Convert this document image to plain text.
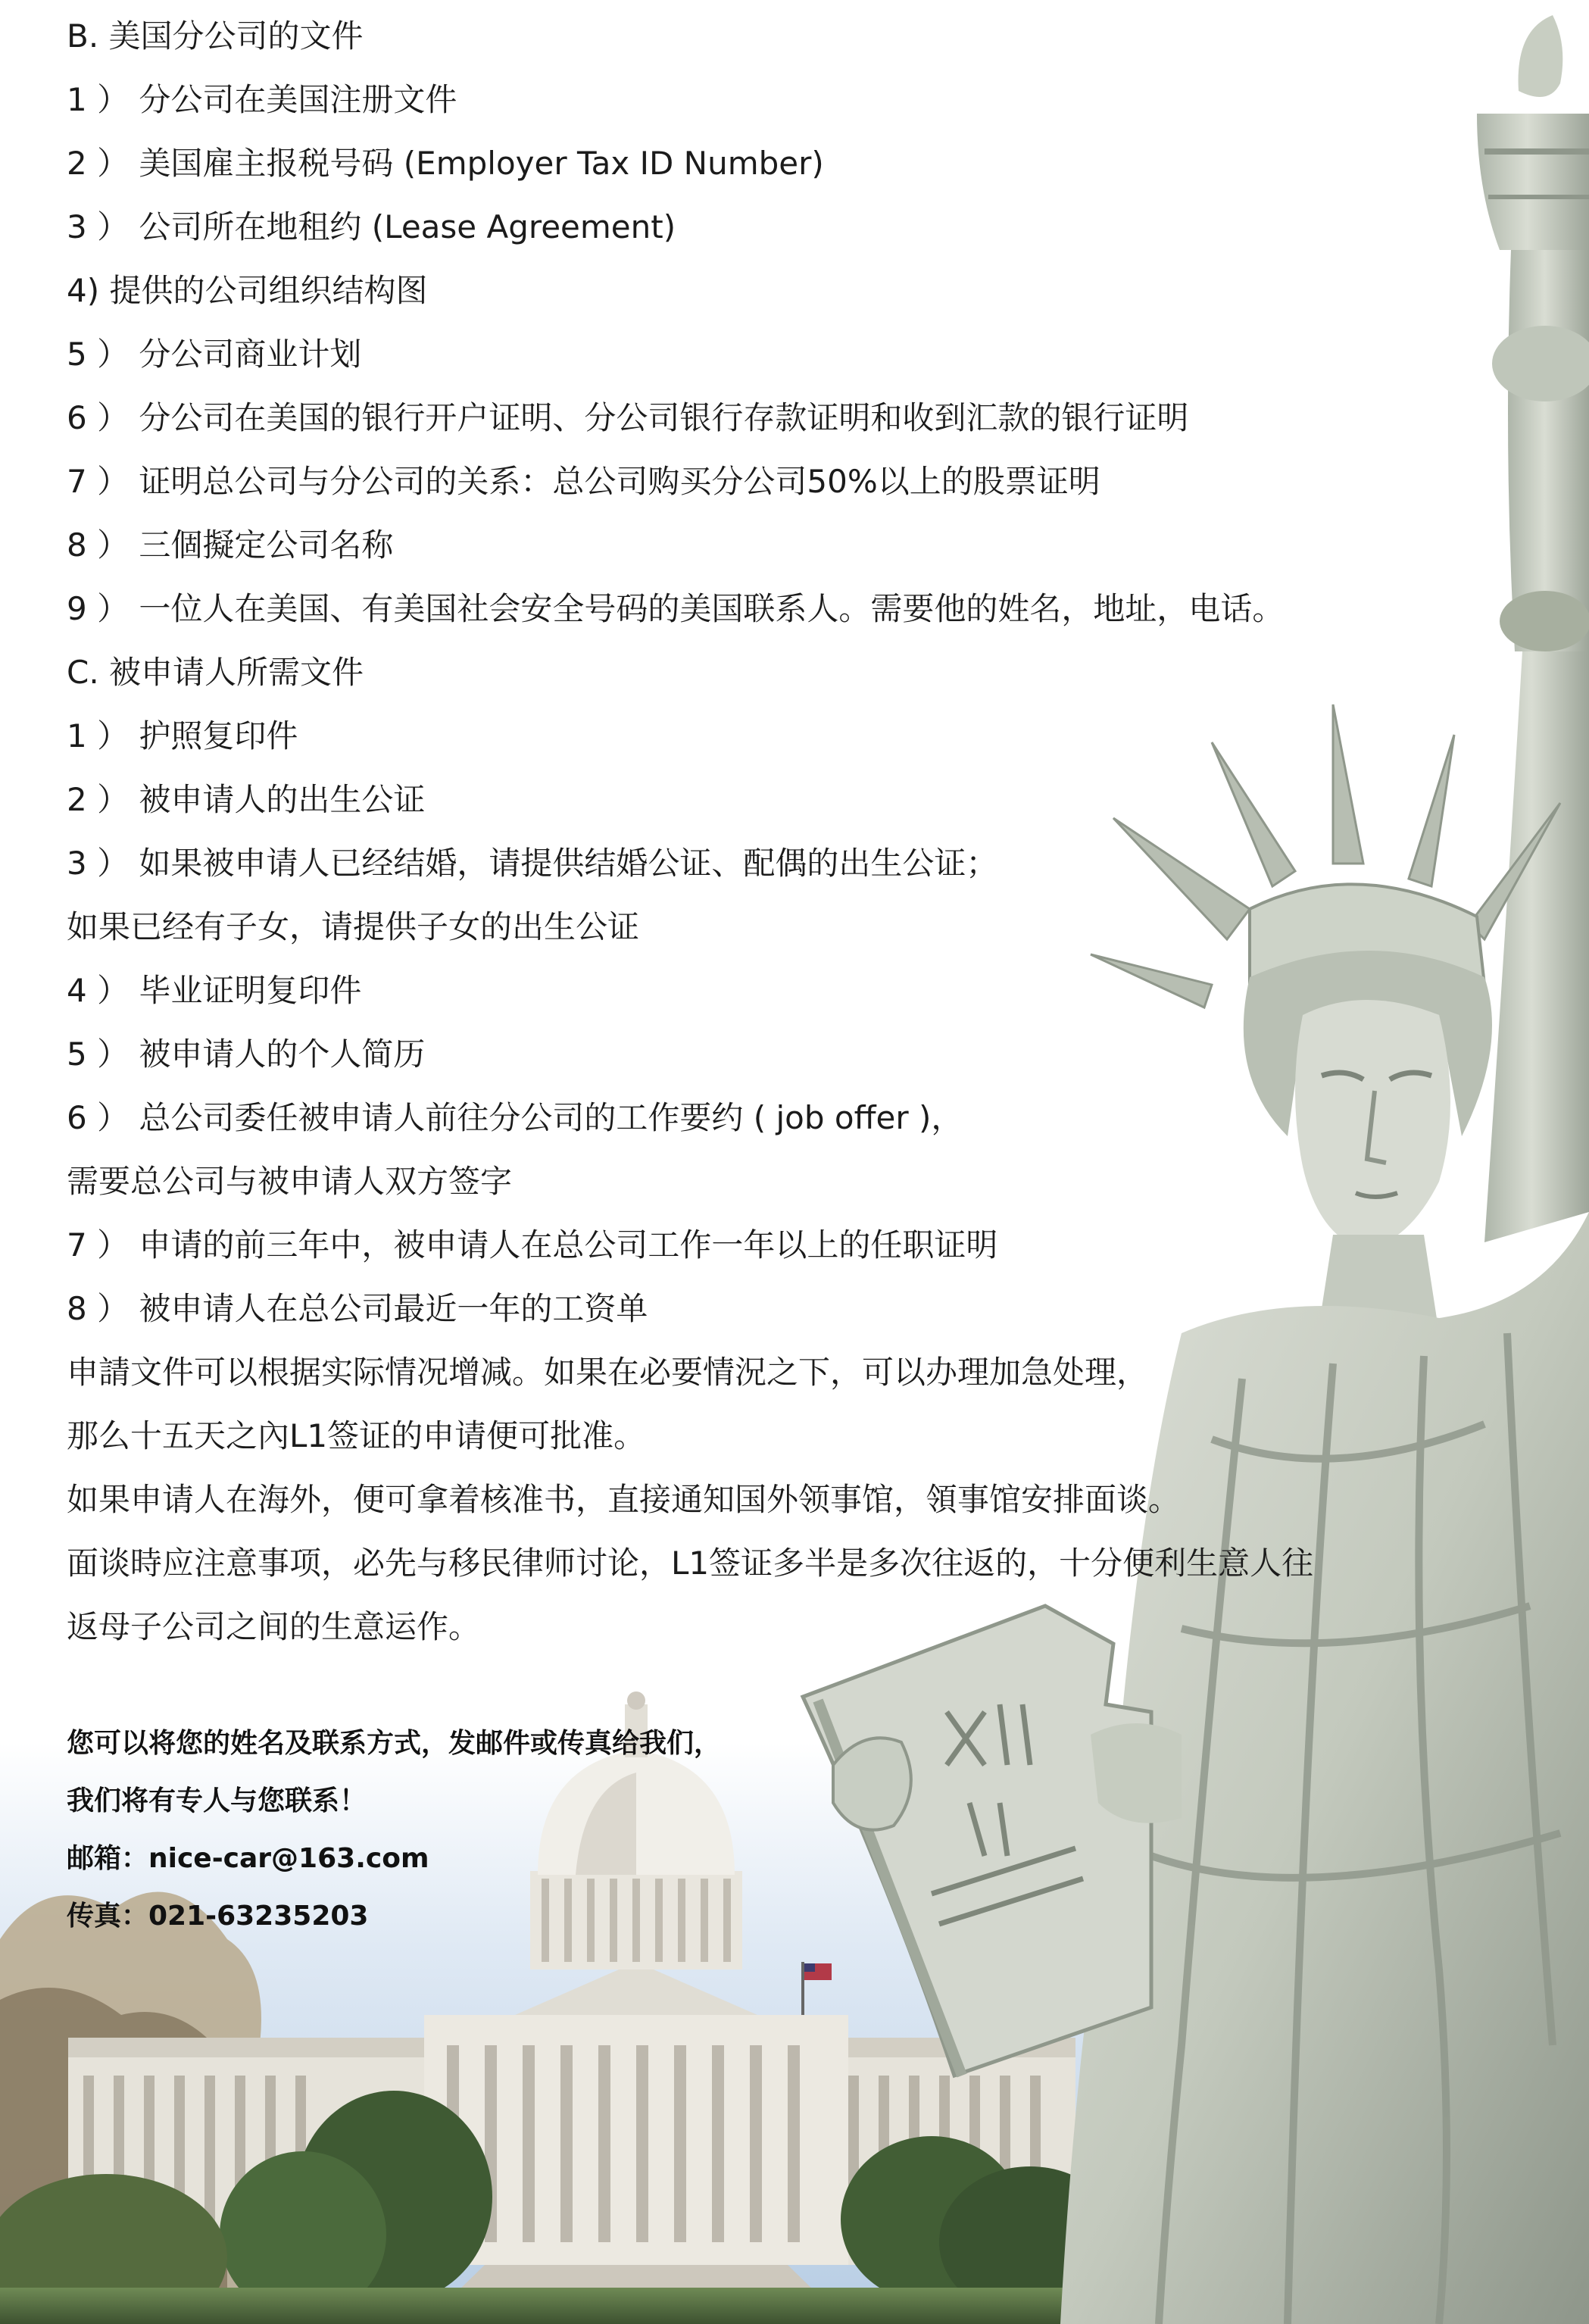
B. 美国分公司的文件
1 ） 分公司在美国注册文件
2 ） 美国雇主报税号码 (Employer Tax ID Number)
3 ） 公司所在地租约 (Lease Agreement)
4) 提供的公司组织结构图
5 ） 分公司商业计划
6 ） 分公司在美国的银行开户证明、分公司银行存款证明和收到汇款的银行证明
7 ） 证明总公司与分公司的关系：总公司购买分公司50%以上的股票证明
8 ） 三個擬定公司名称
9 ） 一位人在美国、有美国社会安全号码的美国联系人。需要他的姓名，地址，电话。
C. 被申请人所需文件
1 ） 护照复印件
2 ） 被申请人的出生公证
3 ） 如果被申请人已经结婚，请提供结婚公证、配偶的出生公证；
如果已经有子女，请提供子女的出生公证
4 ） 毕业证明复印件
5 ） 被申请人的个人简历
6 ） 总公司委任被申请人前往分公司的工作要约 ( job offer )，
需要总公司与被申请人双方签字
7 ） 申请的前三年中，被申请人在总公司工作一年以上的任职证明
8 ） 被申请人在总公司最近一年的工资单
申請文件可以根据实际情况增减。如果在必要情況之下，可以办理加急处理，
那么十五天之內L1签证的申请便可批准。
如果申请人在海外，便可拿着核准书，直接通知国外领事馆，領事馆安排面谈。
面谈時应注意事项，必先与移民律师讨论，L1签证多半是多次往返的，十分便利生意人往
返母子公司之间的生意运作。
您可以将您的姓名及联系方式，发邮件或传真给我们，
我们将有专人与您联系！
邮箱：nice-car@163.com
传真：021-63235203
